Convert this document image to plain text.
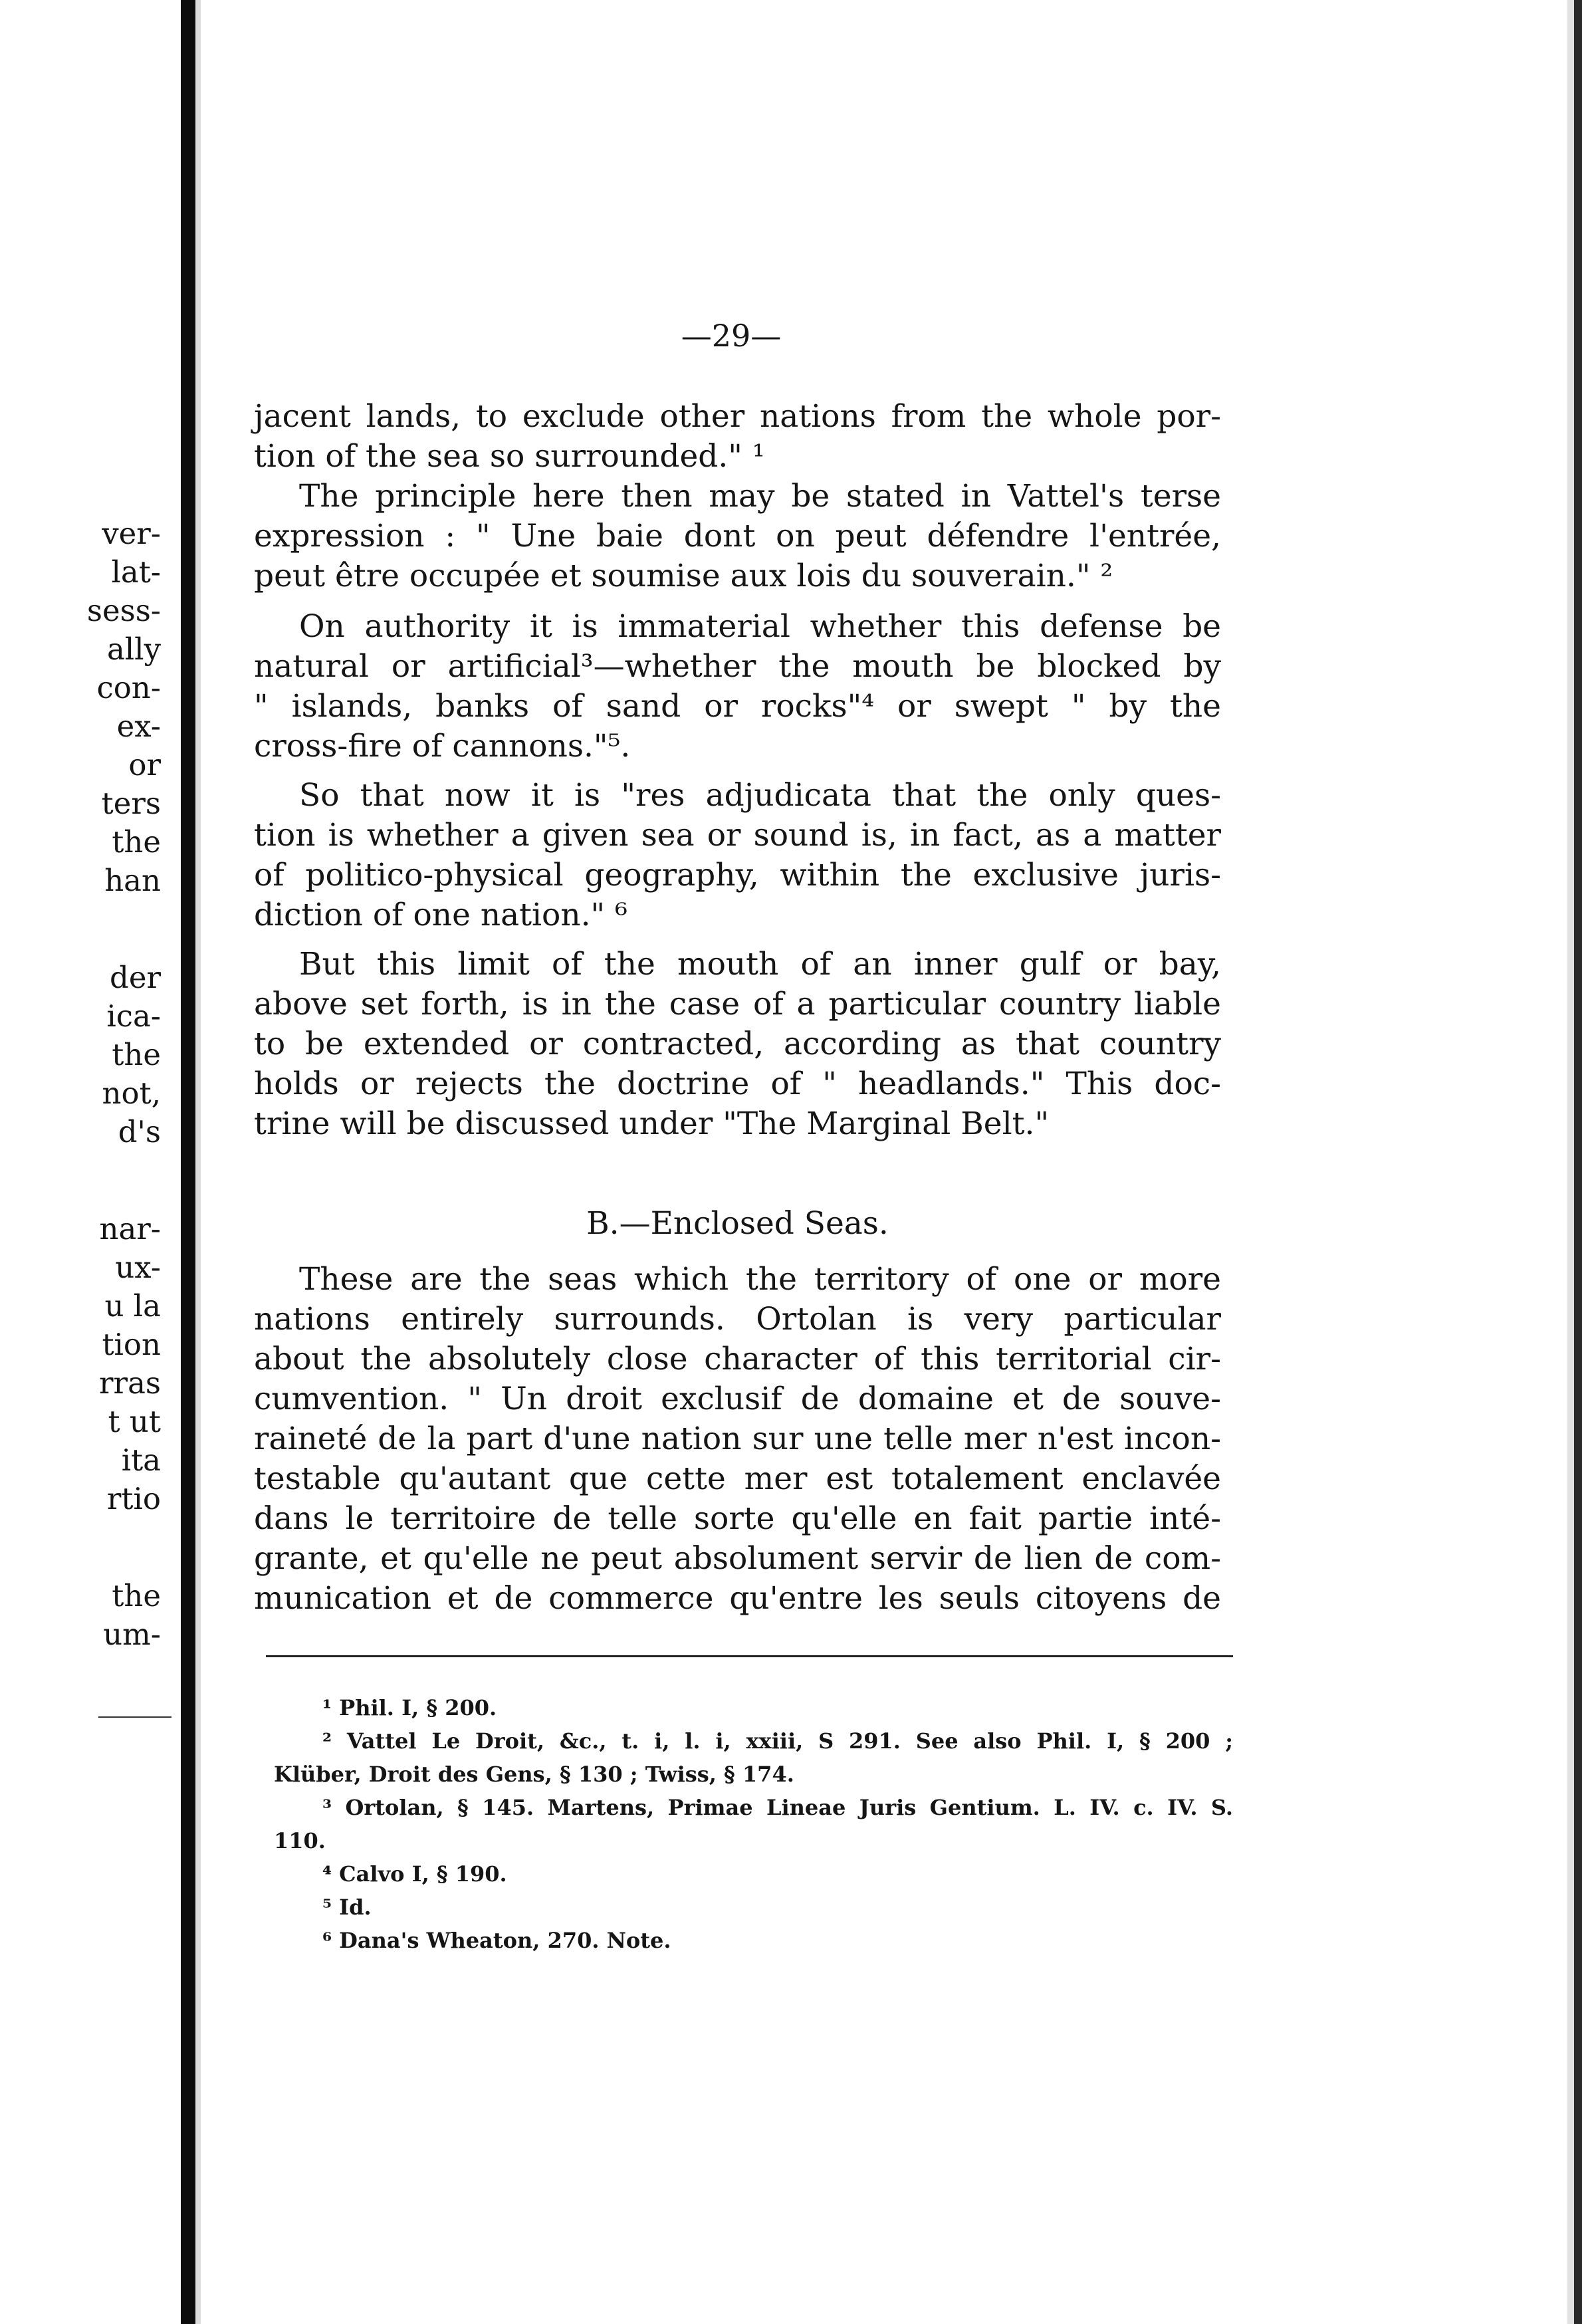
ver-
lat-
sess-
ally
con-
ex-
or
ters
the
han
der
ica-
the
not,
d's
nar-
ux-
u la
tion
rras
t ut
ita
rtio
the
um-
—29—
jacent lands, to exclude other nations from the whole por-
tion of the sea so surrounded." ¹
The principle here then may be stated in Vattel's terse
expression : " Une baie dont on peut défendre l'entrée,
peut être occupée et soumise aux lois du souverain." ²
On authority it is immaterial whether this defense be
natural or artificial³—whether the mouth be blocked by
" islands, banks of sand or rocks"⁴ or swept " by the
cross-fire of cannons."⁵.
So that now it is "res adjudicata that the only ques-
tion is whether a given sea or sound is, in fact, as a matter
of politico-physical geography, within the exclusive juris-
diction of one nation." ⁶
But this limit of the mouth of an inner gulf or bay,
above set forth, is in the case of a particular country liable
to be extended or contracted, according as that country
holds or rejects the doctrine of " headlands." This doc-
trine will be discussed under "The Marginal Belt."
B.—Enclosed Seas.
These are the seas which the territory of one or more
nations entirely surrounds. Ortolan is very particular
about the absolutely close character of this territorial cir-
cumvention. " Un droit exclusif de domaine et de souve-
raineté de la part d'une nation sur une telle mer n'est incon-
testable qu'autant que cette mer est totalement enclavée
dans le territoire de telle sorte qu'elle en fait partie inté-
grante, et qu'elle ne peut absolument servir de lien de com-
munication et de commerce qu'entre les seuls citoyens de
¹ Phil. I, § 200.
² Vattel Le Droit, &c., t. i, l. i, xxiii, S 291. See also Phil. I, § 200 ;
Klüber, Droit des Gens, § 130 ; Twiss, § 174.
³ Ortolan, § 145. Martens, Primae Lineae Juris Gentium. L. IV. c. IV. S.
110.
⁴ Calvo I, § 190.
⁵ Id.
⁶ Dana's Wheaton, 270. Note.
